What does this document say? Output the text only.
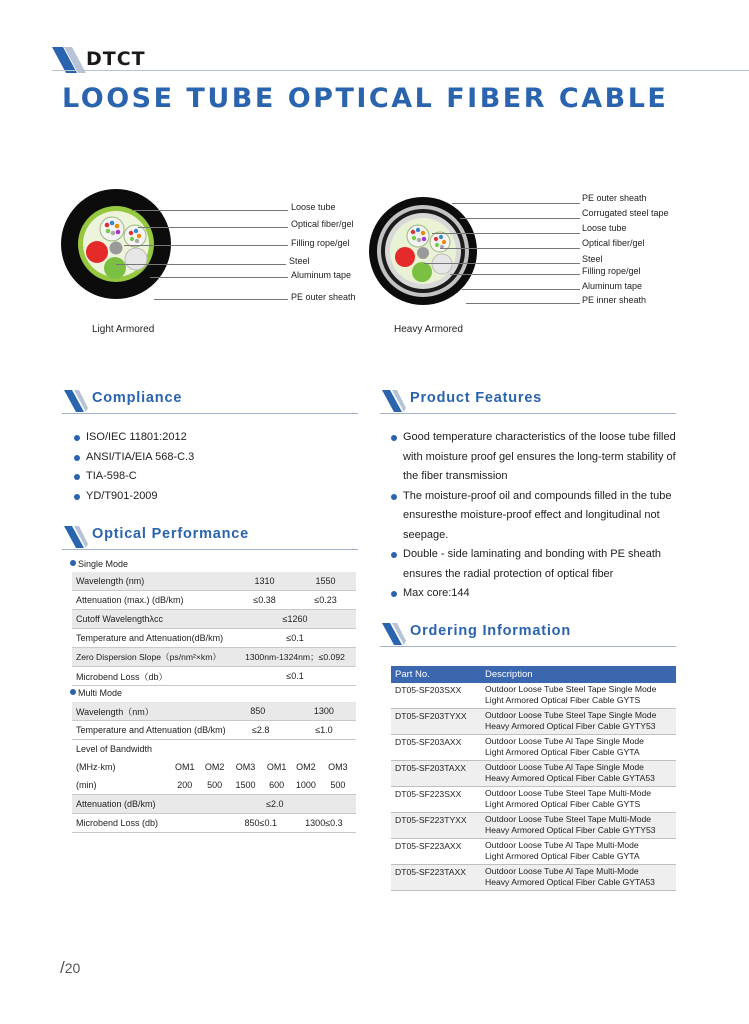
DTCT
LOOSE TUBE OPTICAL FIBER CABLE
Loose tube
Optical fiber/gel
Filling rope/gel
Steel
Aluminum tape
PE outer sheath
Light Armored
PE outer sheath
Corrugated steel tape
Loose tube
Optical fiber/gel
Steel
Filling rope/gel
Aluminum tape
PE inner sheath
Heavy Armored
Compliance
ISO/IEC 11801:2012
ANSI/TIA/EIA 568-C.3
TIA-598-C
YD/T901-2009
Optical Performance
Single Mode
Wavelength (nm)	1310	1550
Attenuation (max.) (dB/km)	≤0.38	≤0.23
Cutoff Wavelengthλcc	≤1260	
Temperature and Attenuation(dB/km)	≤0.1	
Zero Dispersion Slope（ps/nm²×km）	1300nm-1324nm；≤0.092	
Microbend Loss（db）	≤0.1	
Multi Mode
Wavelength（nm）		850			1300	
Temperature and Attenuation (dB/km)			≤2.8		≤1.0	
Level of Bandwidth						
(MHz·km)	OM1	OM2	OM3	OM1	OM2	OM3
(min)	200	500	1500	600	1000	500
Attenuation (dB/km)			≤2.0			
Microbend Loss (db)			850≤0.1		1300≤0.3	
Product Features
Good temperature characteristics of the loose tube filled with moisture proof gel ensures the long-term stability of the fiber transmission
The moisture-proof oil and compounds filled in the tube ensuresthe moisture-proof effect and longitudinal not seepage.
Double - side laminating and bonding with PE sheath ensures the radial protection of optical fiber
Max core:144
Ordering Information
Part No.	Description
DT05-SF203SXX	Outdoor Loose Tube Steel Tape Single Mode
Light Armored Optical Fiber Cable GYTS

DT05-SF203TYXX	Outdoor Loose Tube Steel Tape Single Mode
Heavy Armored Optical Fiber Cable GYTY53

DT05-SF203AXX	Outdoor Loose Tube Al Tape Single Mode
Light Armored Optical Fiber Cable GYTA

DT05-SF203TAXX	Outdoor Loose Tube Al Tape Single Mode
Heavy Armored Optical Fiber Cable GYTA53

DT05-SF223SXX	Outdoor Loose Tube Steel Tape Multi-Mode
Light Armored Optical Fiber Cable GYTS

DT05-SF223TYXX	Outdoor Loose Tube Steel Tape Multi-Mode
Heavy Armored Optical Fiber Cable GYTY53

DT05-SF223AXX	Outdoor Loose Tube Al Tape Multi-Mode
Light Armored Optical Fiber Cable GYTA

DT05-SF223TAXX	Outdoor Loose Tube Al Tape Multi-Mode
Heavy Armored Optical Fiber Cable GYTA53
/20
